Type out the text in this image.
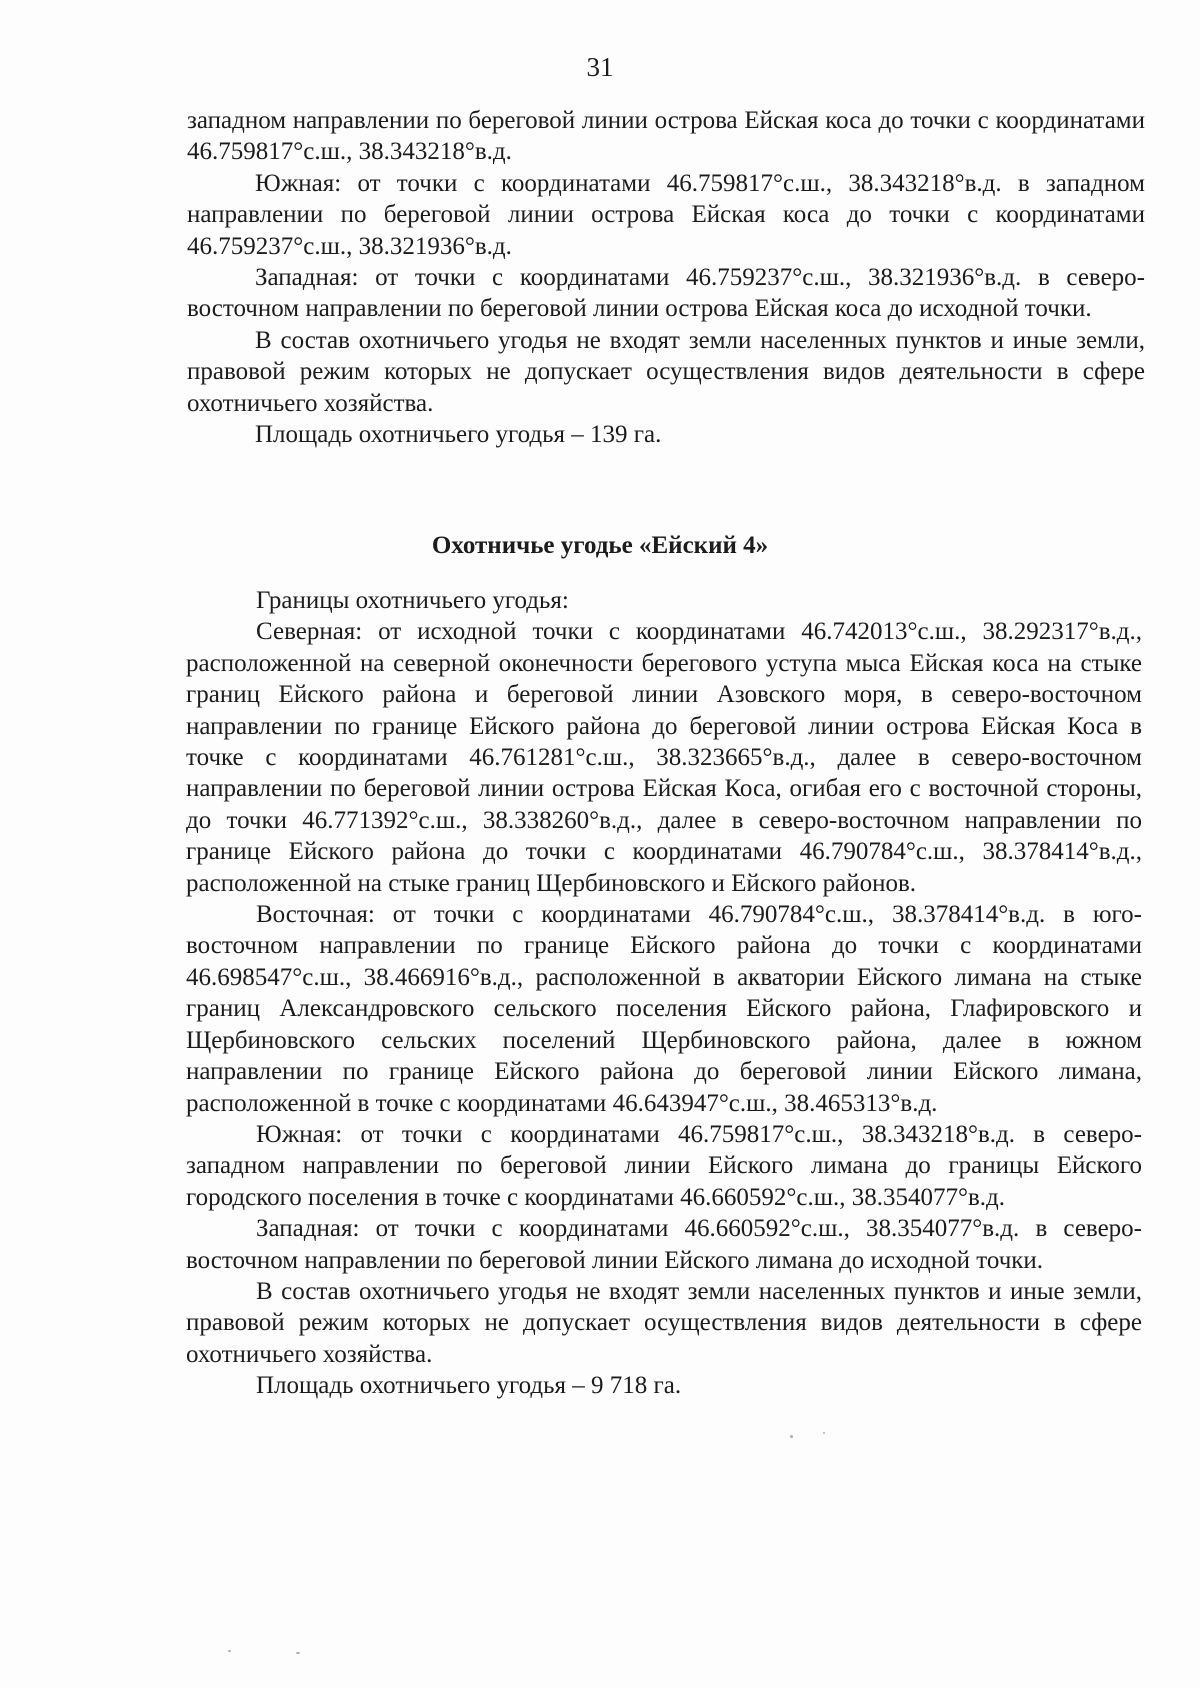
31

западном направлении по береговой линии острова Ейская коса до точки с координатами 46.759817°с.ш., 38.343218°в.д.

Южная: от точки с координатами 46.759817°с.ш., 38.343218°в.д. в западном направлении по береговой линии острова Ейская коса до точки с координатами 46.759237°с.ш., 38.321936°в.д.

Западная: от точки с координатами 46.759237°с.ш., 38.321936°в.д. в северо-восточном направлении по береговой линии острова Ейская коса до исходной точки.

В состав охотничьего угодья не входят земли населенных пунктов и иные земли, правовой режим которых не допускает осуществления видов деятельности в сфере охотничьего хозяйства.

Площадь охотничьего угодья – 139 га.

Охотничье угодье «Ейский 4»

Границы охотничьего угодья:

Северная: от исходной точки с координатами 46.742013°с.ш., 38.292317°в.д., расположенной на северной оконечности берегового уступа мыса Ейская коса на стыке границ Ейского района и береговой линии Азовского моря, в северо-восточном направлении по границе Ейского района до береговой линии острова Ейская Коса в точке с координатами 46.761281°с.ш., 38.323665°в.д., далее в северо-восточном направлении по береговой линии острова Ейская Коса, огибая его с восточной стороны, до точки 46.771392°с.ш., 38.338260°в.д., далее в северо-восточном направлении по границе Ейского района до точки с координатами 46.790784°с.ш., 38.378414°в.д., расположенной на стыке границ Щербиновского и Ейского районов.

Восточная: от точки с координатами 46.790784°с.ш., 38.378414°в.д. в юго-восточном направлении по границе Ейского района до точки с координатами 46.698547°с.ш., 38.466916°в.д., расположенной в акватории Ейского лимана на стыке границ Александровского сельского поселения Ейского района, Глафировского и Щербиновского сельских поселений Щербиновского района, далее в южном направлении по границе Ейского района до береговой линии Ейского лимана, расположенной в точке с координатами 46.643947°с.ш., 38.465313°в.д.

Южная: от точки с координатами 46.759817°с.ш., 38.343218°в.д. в северо-западном направлении по береговой линии Ейского лимана до границы Ейского городского поселения в точке с координатами 46.660592°с.ш., 38.354077°в.д.

Западная: от точки с координатами 46.660592°с.ш., 38.354077°в.д. в северо-восточном направлении по береговой линии Ейского лимана до исходной точки.

В состав охотничьего угодья не входят земли населенных пунктов и иные земли, правовой режим которых не допускает осуществления видов деятельности в сфере охотничьего хозяйства.

Площадь охотничьего угодья – 9 718 га.
